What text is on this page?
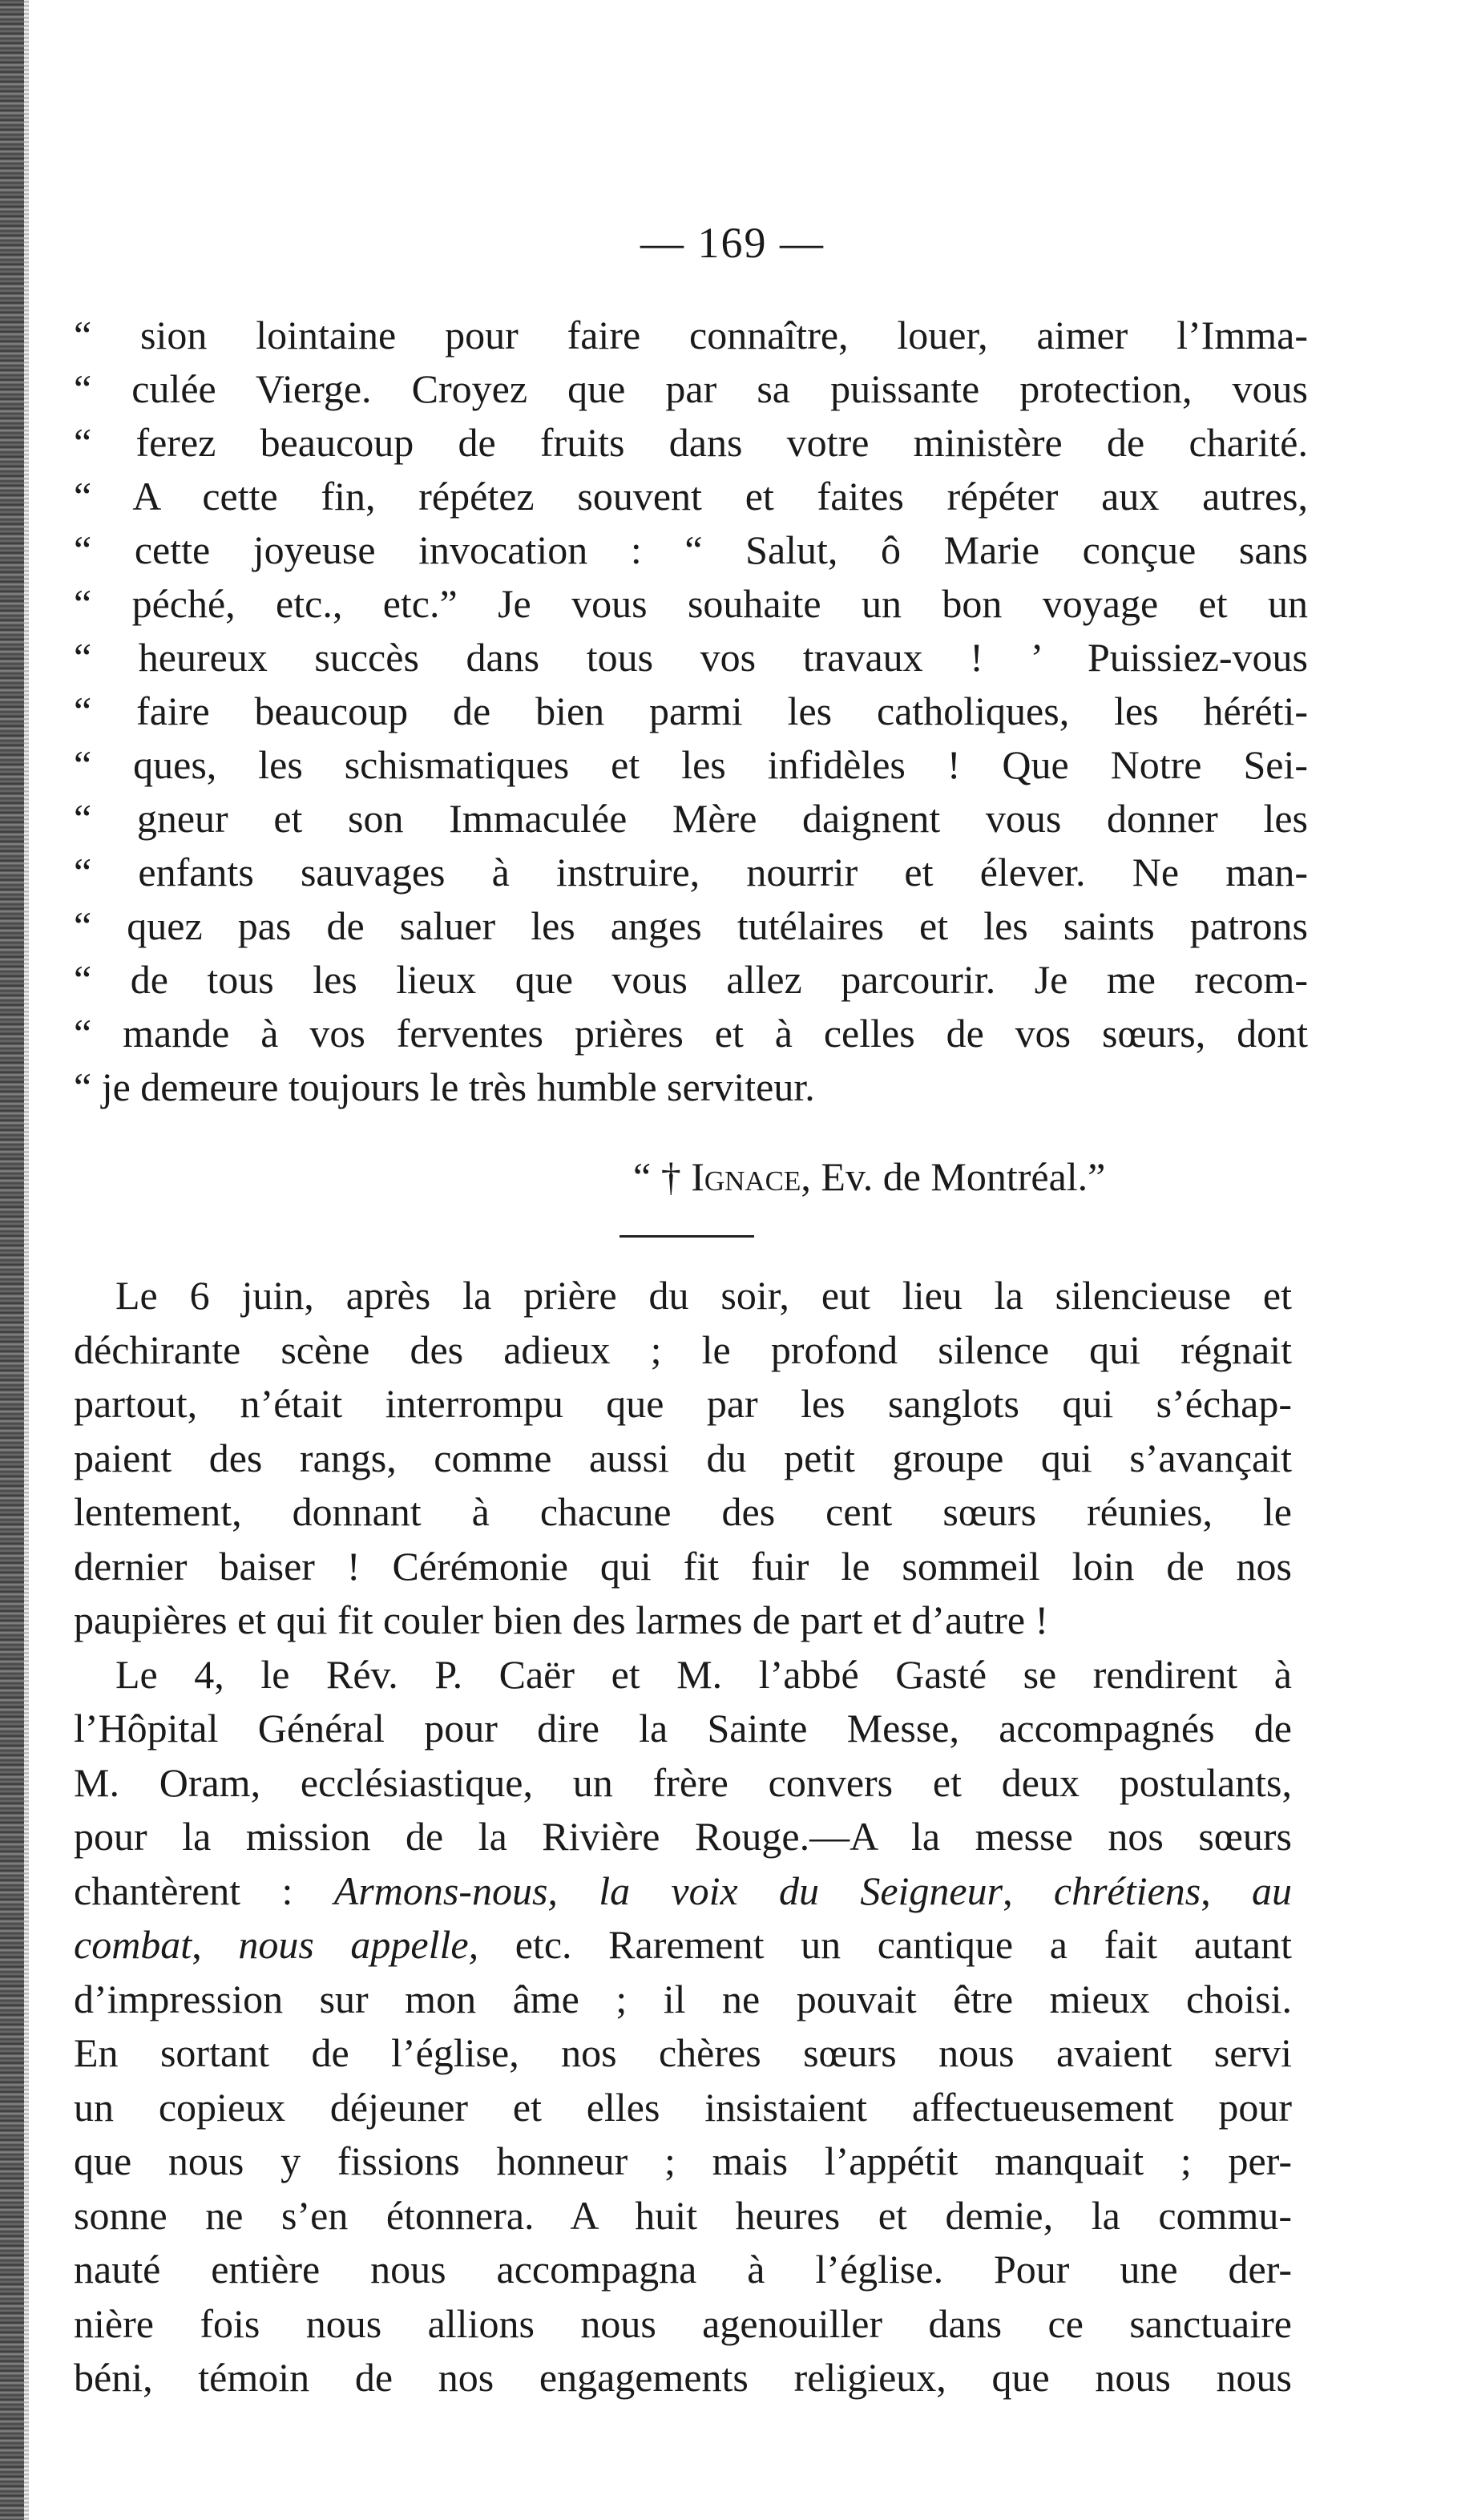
— 169 —
“ sion lointaine pour faire connaître, louer, aimer l’Imma-
“ culée Vierge. Croyez que par sa puissante protection, vous
“ ferez beaucoup de fruits dans votre ministère de charité.
“ A cette fin, répétez souvent et faites répéter aux autres,
“ cette joyeuse invocation : “ Salut, ô Marie conçue sans
“ péché, etc., etc.” Je vous souhaite un bon voyage et un
“ heureux succès dans tous vos travaux ! ’ Puissiez-vous
“ faire beaucoup de bien parmi les catholiques, les héréti-
“ ques, les schismatiques et les infidèles ! Que Notre Sei-
“ gneur et son Immaculée Mère daignent vous donner les
“ enfants sauvages à instruire, nourrir et élever. Ne man-
“ quez pas de saluer les anges tutélaires et les saints patrons
“ de tous les lieux que vous allez parcourir. Je me recom-
“ mande à vos ferventes prières et à celles de vos sœurs, dont
“ je demeure toujours le très humble serviteur.
“ † Ignace, Ev. de Montréal.”
Le 6 juin, après la prière du soir, eut lieu la silencieuse et
déchirante scène des adieux ; le profond silence qui régnait
partout, n’était interrompu que par les sanglots qui s’échap-
paient des rangs, comme aussi du petit groupe qui s’avançait
lentement, donnant à chacune des cent sœurs réunies, le
dernier baiser ! Cérémonie qui fit fuir le sommeil loin de nos
paupières et qui fit couler bien des larmes de part et d’autre !
Le 4, le Rév. P. Caër et M. l’abbé Gasté se rendirent à
l’Hôpital Général pour dire la Sainte Messe, accompagnés de
M. Oram, ecclésiastique, un frère convers et deux postulants,
pour la mission de la Rivière Rouge.—A la messe nos sœurs
chantèrent : Armons-nous, la voix du Seigneur, chrétiens, au
combat, nous appelle, etc. Rarement un cantique a fait autant
d’impression sur mon âme ; il ne pouvait être mieux choisi.
En sortant de l’église, nos chères sœurs nous avaient servi
un copieux déjeuner et elles insistaient affectueusement pour
que nous y fissions honneur ; mais l’appétit manquait ; per-
sonne ne s’en étonnera. A huit heures et demie, la commu-
nauté entière nous accompagna à l’église. Pour une der-
nière fois nous allions nous agenouiller dans ce sanctuaire
béni, témoin de nos engagements religieux, que nous nous
